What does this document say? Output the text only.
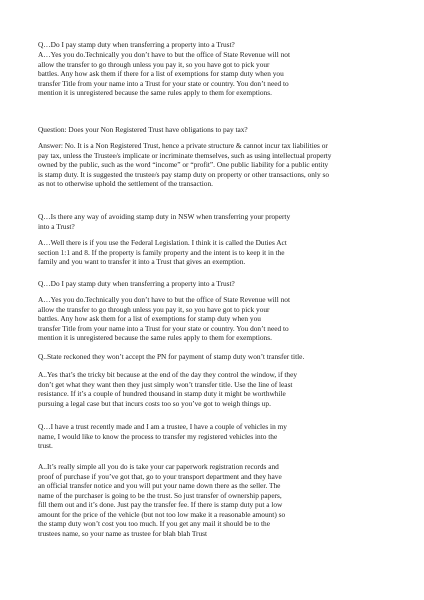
Q…Do I pay stamp duty when transferring a property into a Trust?

A…Yes you do.Technically you don’t have to but the office of State Revenue will not
allow the transfer to go through unless you pay it, so you have got to pick your
battles. Any how ask them if there for a list of exemptions for stamp duty when you
transfer Title from your name into a Trust for your state or country. You don’t need to
mention it is unregistered because the same rules apply to them for exemptions.

Question: Does your Non Registered Trust have obligations to pay tax?

Answer: No. It is a Non Registered Trust, hence a private structure & cannot incur tax liabilities or
pay tax, unless the Trustee/s implicate or incriminate themselves, such as using intellectual property
owned by the public, such as the word “income” or “profit”. One public liability for a public entity
is stamp duty. It is suggested the trustee/s pay stamp duty on property or other transactions, only so
as not to otherwise uphold the settlement of the transaction.

Q…Is there any way of avoiding stamp duty in NSW when transferring your property
into a Trust?

A…Well there is if you use the Federal Legislation. I think it is called the Duties Act
section 1:1 and 8. If the property is family property and the intent is to keep it in the
family and you want to transfer it into a Trust that gives an exemption.

Q…Do I pay stamp duty when transferring a property into a Trust?

A…Yes you do.Technically you don’t have to but the office of State Revenue will not
allow the transfer to go through unless you pay it, so you have got to pick your
battles. Any how ask them for a list of exemptions for stamp duty when you
transfer Title from your name into a Trust for your state or country. You don’t need to
mention it is unregistered because the same rules apply to them for exemptions.

Q..State reckoned they won’t accept the PN for payment of stamp duty won’t transfer title.

A..Yes that’s the tricky bit because at the end of the day they control the window, if they
don’t get what they want then they just simply won’t transfer title. Use the line of least
resistance. If it’s a couple of hundred thousand in stamp duty it might be worthwhile
pursuing a legal case but that incurs costs too so you’ve got to weigh things up.

Q…I have a trust recently made and I am a trustee, I have a couple of vehicles in my
name, I would like to know the process to transfer my registered vehicles into the
trust.

A..It’s really simple all you do is take your car paperwork registration records and
proof of purchase if you’ve got that, go to your transport department and they have
an official transfer notice and you will put your name down there as the seller. The
name of the purchaser is going to be the trust. So just transfer of ownership papers,
fill them out and it’s done. Just pay the transfer fee. If there is stamp duty put a low
amount for the price of the vehicle (but not too low make it a reasonable amount) so
the stamp duty won’t cost you too much. If you get any mail it should be to the
trustees name, so your name as trustee for blah blah Trust
